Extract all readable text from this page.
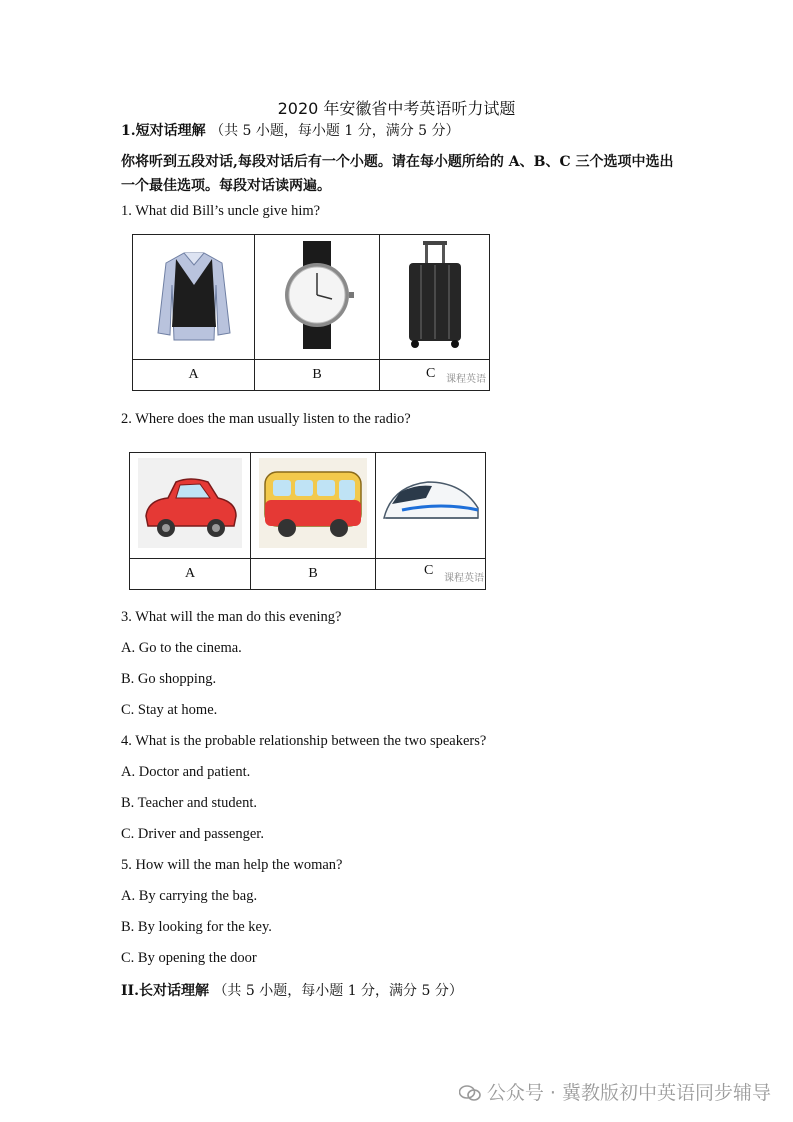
2020 年安徽省中考英语听力试题
1.短对话理解 （共 5 小题，每小题 1 分，满分 5 分）
你将听到五段对话,每段对话后有一个小题。请在每小题所给的 A、B、C 三个选项中选出一个最佳选项。每段对话读两遍。
1. What did Bill’s uncle give him?

A	B	C 课程英语
2. Where does the man usually listen to the radio?

A	B	C
课程英语
3. What will the man do this evening?
A. Go to the cinema.
B. Go shopping.
C. Stay at home.
4. What is the probable relationship between the two speakers?
A. Doctor and patient.
B. Teacher and student.
C. Driver and passenger.
5. How will the man help the woman?
A. By carrying the bag.
B. By looking for the key.
C. By opening the door
II.长对话理解 （共 5 小题，每小题 1 分，满分 5 分）
公众号 · 冀教版初中英语同步辅导
